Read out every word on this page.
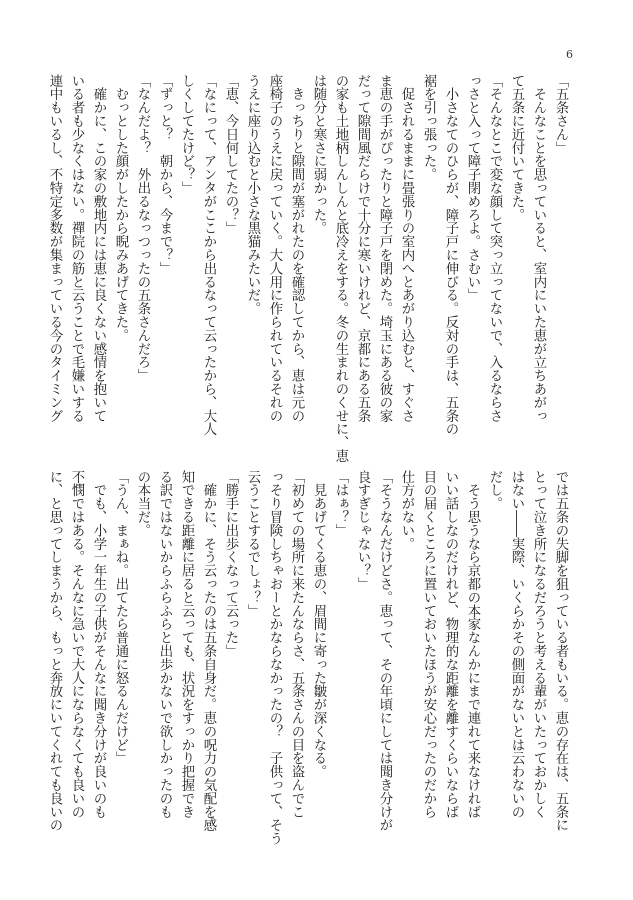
6
「五条さん」
　そんなことを思っていると、室内にいた恵が立ちあがっ
て五条に近付いてきた。
「そんなとこで変な顔して突っ立ってないで、入るならさ
っさと入って障子閉めろよ。さむい」
　小さなてのひらが、障子戸に伸びる。反対の手は、五条の
裾を引っ張った。
　促されるままに畳張りの室内へとあがり込むと、すぐさ
ま恵の手がぴったりと障子戸を閉めた。埼玉にある彼の家
だって隙間風だらけで十分に寒いけれど、京都にある五条
の家も土地柄しんしんと底冷えをする。冬の生まれのくせに、恵
は随分と寒さに弱かった。
　きっちりと隙間が塞がれたのを確認してから、恵は元の
座椅子のうえに戻っていく。大人用に作られているそれの
うえに座り込むと小さな黒猫みたいだ。
「恵、今日何してたの？」
「なにって、アンタがここから出るなって云ったから、大人
しくしてたけど？」
「ずっと？　朝から、今まで？」
「なんだよ？　外出るなっつったの五条さんだろ」
　むっとした顔がしたから睨みあげてきた。
　確かに、この家の敷地内には恵に良くない感情を抱いて
いる者も少なくはない。禪院の筋と云うことで毛嫌いする
連中もいるし、不特定多数が集まっている今のタイミング
では五条の失脚を狙っている者もいる。恵の存在は、五条に
とって泣き所になるだろうと考える輩がいたっておかしく
はない――実際、いくらかその側面がないとは云わないの
だし。
　そう思うなら京都の本家なんかにまで連れて来なければ
いい話しなのだけれど、物理的な距離を離すくらいならば
目の届くところに置いておいたほうが安心だったのだから
仕方がない。
「そうなんだけどさ。恵って、その年頃にしては聞き分けが
良すぎじゃない？」
「はぁ？」
　見あげてくる恵の、眉間に寄った皺が深くなる。
「初めての場所に来たんならさ、五条さんの目を盗んでこ
っそり冒険しちゃおーとかならなかったの？　子供って、そう
云うことするでしょ？」
「勝手に出歩くなって云った」
　確かに、そう云ったのは五条自身だ。恵の呪力の気配を感
知できる距離に居ると云っても、状況をすっかり把握でき
る訳ではないからふらふらと出歩かないで欲しかったのも
の本当だ。
「うん、まぁね。出てたら普通に怒るんだけど」
　でも、小学一年生の子供がそんなに聞き分けが良いのも
不憫ではある。そんなに急いで大人にならなくても良いの
に、と思ってしまうから、もっと奔放にいてくれても良いの
